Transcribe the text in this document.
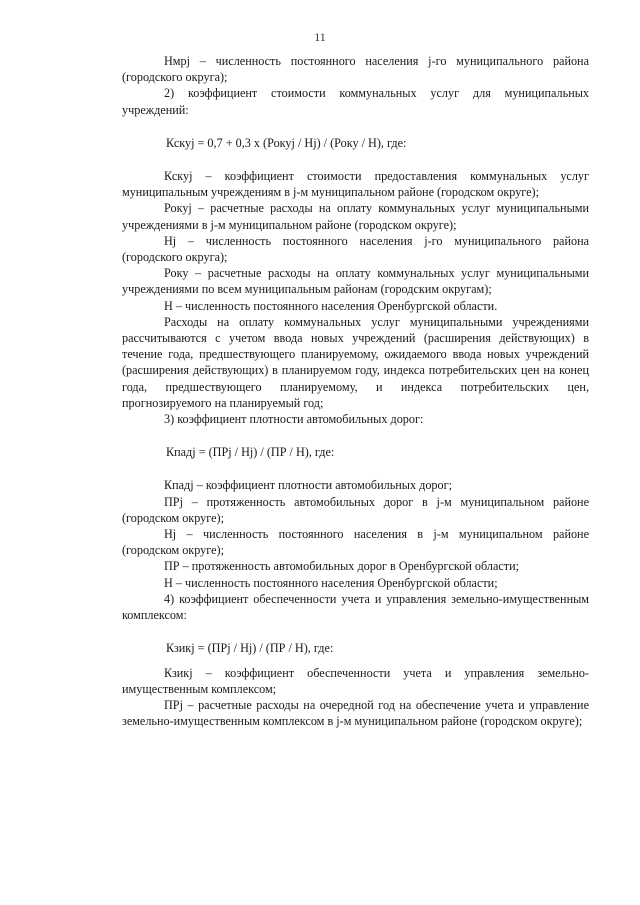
11

Нмрj – численность постоянного населения j-го муниципального района (городского округа);

2) коэффициент стоимости коммунальных услуг для муниципальных учреждений:

Кскуj = 0,7 + 0,3 х (Рокуj / Нj) / (Року / Н), где:

Кскуj – коэффициент стоимости предоставления коммунальных услуг муниципальным учреждениям в j-м муниципальном районе (городском округе);

Рокуj – расчетные расходы на оплату коммунальных услуг муниципальными учреждениями в j-м муниципальном районе (городском округе);

Нj – численность постоянного населения j-го муниципального района (городского округа);

Року – расчетные расходы на оплату коммунальных услуг муниципальными учреждениями по всем муниципальным районам (городским округам);

Н – численность постоянного населения Оренбургской области.

Расходы на оплату коммунальных услуг муниципальными учреждениями рассчитываются с учетом ввода новых учреждений (расширения действующих) в течение года, предшествующего планируемому, ожидаемого ввода новых учреждений (расширения действующих) в планируемом году, индекса потребительских цен на конец года, предшествующего планируемому, и индекса потребительских цен, прогнозируемого на планируемый год;

3) коэффициент плотности автомобильных дорог:

Кпадj = (ПРj / Нj) / (ПР / Н), где:

Кпадj – коэффициент плотности автомобильных дорог;

ПРj – протяженность автомобильных дорог в j-м муниципальном районе (городском округе);

Нj – численность постоянного населения в j-м муниципальном районе (городском округе);

ПР – протяженность автомобильных дорог в Оренбургской области;

Н – численность постоянного населения Оренбургской области;

4) коэффициент обеспеченности учета и управления земельно-имущественным комплексом:

Кзикj = (ПРj / Нj) / (ПР / Н), где:

Кзикj – коэффициент обеспеченности учета и управления земельно-имущественным комплексом;

ПРj – расчетные расходы на очередной год на обеспечение учета и управление земельно-имущественным комплексом в j-м муниципальном районе (городском округе);
